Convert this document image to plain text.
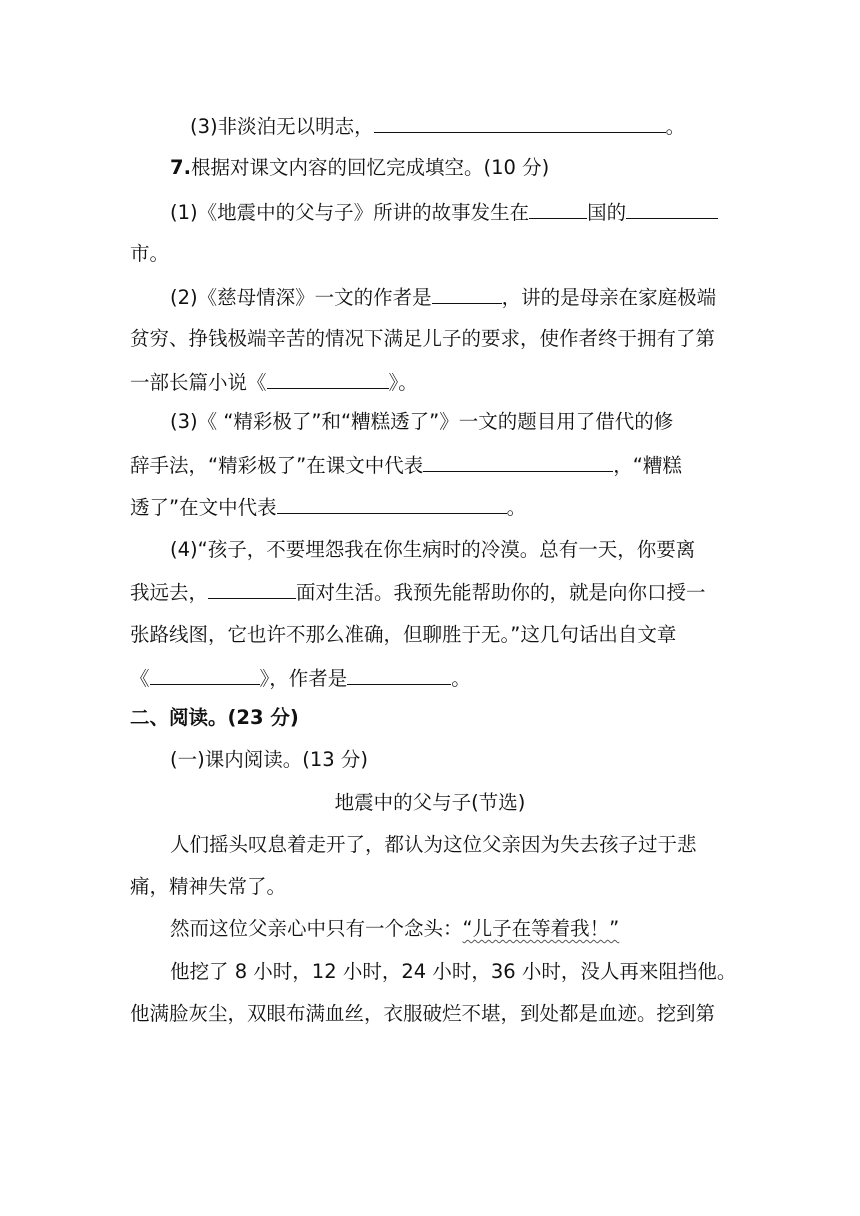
(3)非淡泊无以明志，	。
7.根据对课文内容的回忆完成填空。(10 分)
(1)《地震中的父与子》所讲的故事发生在	国的
市。
(2)《慈母情深》一文的作者是	，讲的是母亲在家庭极端
贫穷、挣钱极端辛苦的情况下满足儿子的要求，使作者终于拥有了第
一部长篇小说《	》。
(3)《 “精彩极了”和“糟糕透了”》一文的题目用了借代的修
辞手法，“精彩极了”在课文中代表	，“糟糕
透了”在文中代表	。
(4)“孩子，不要埋怨我在你生病时的冷漠。总有一天，你要离
我远去，	面对生活。我预先能帮助你的，就是向你口授一
张路线图，它也许不那么准确，但聊胜于无。”这几句话出自文章
《	》，作者是	。
二、阅读。(23 分)
(一)课内阅读。(13 分)
地震中的父与子(节选)
人们摇头叹息着走开了，都认为这位父亲因为失去孩子过于悲
痛，精神失常了。
然而这位父亲心中只有一个念头：“儿子在等着我！”
他挖了 8 小时，12 小时，24 小时，36 小时，没人再来阻挡他。
他满脸灰尘，双眼布满血丝，衣服破烂不堪，到处都是血迹。挖到第
